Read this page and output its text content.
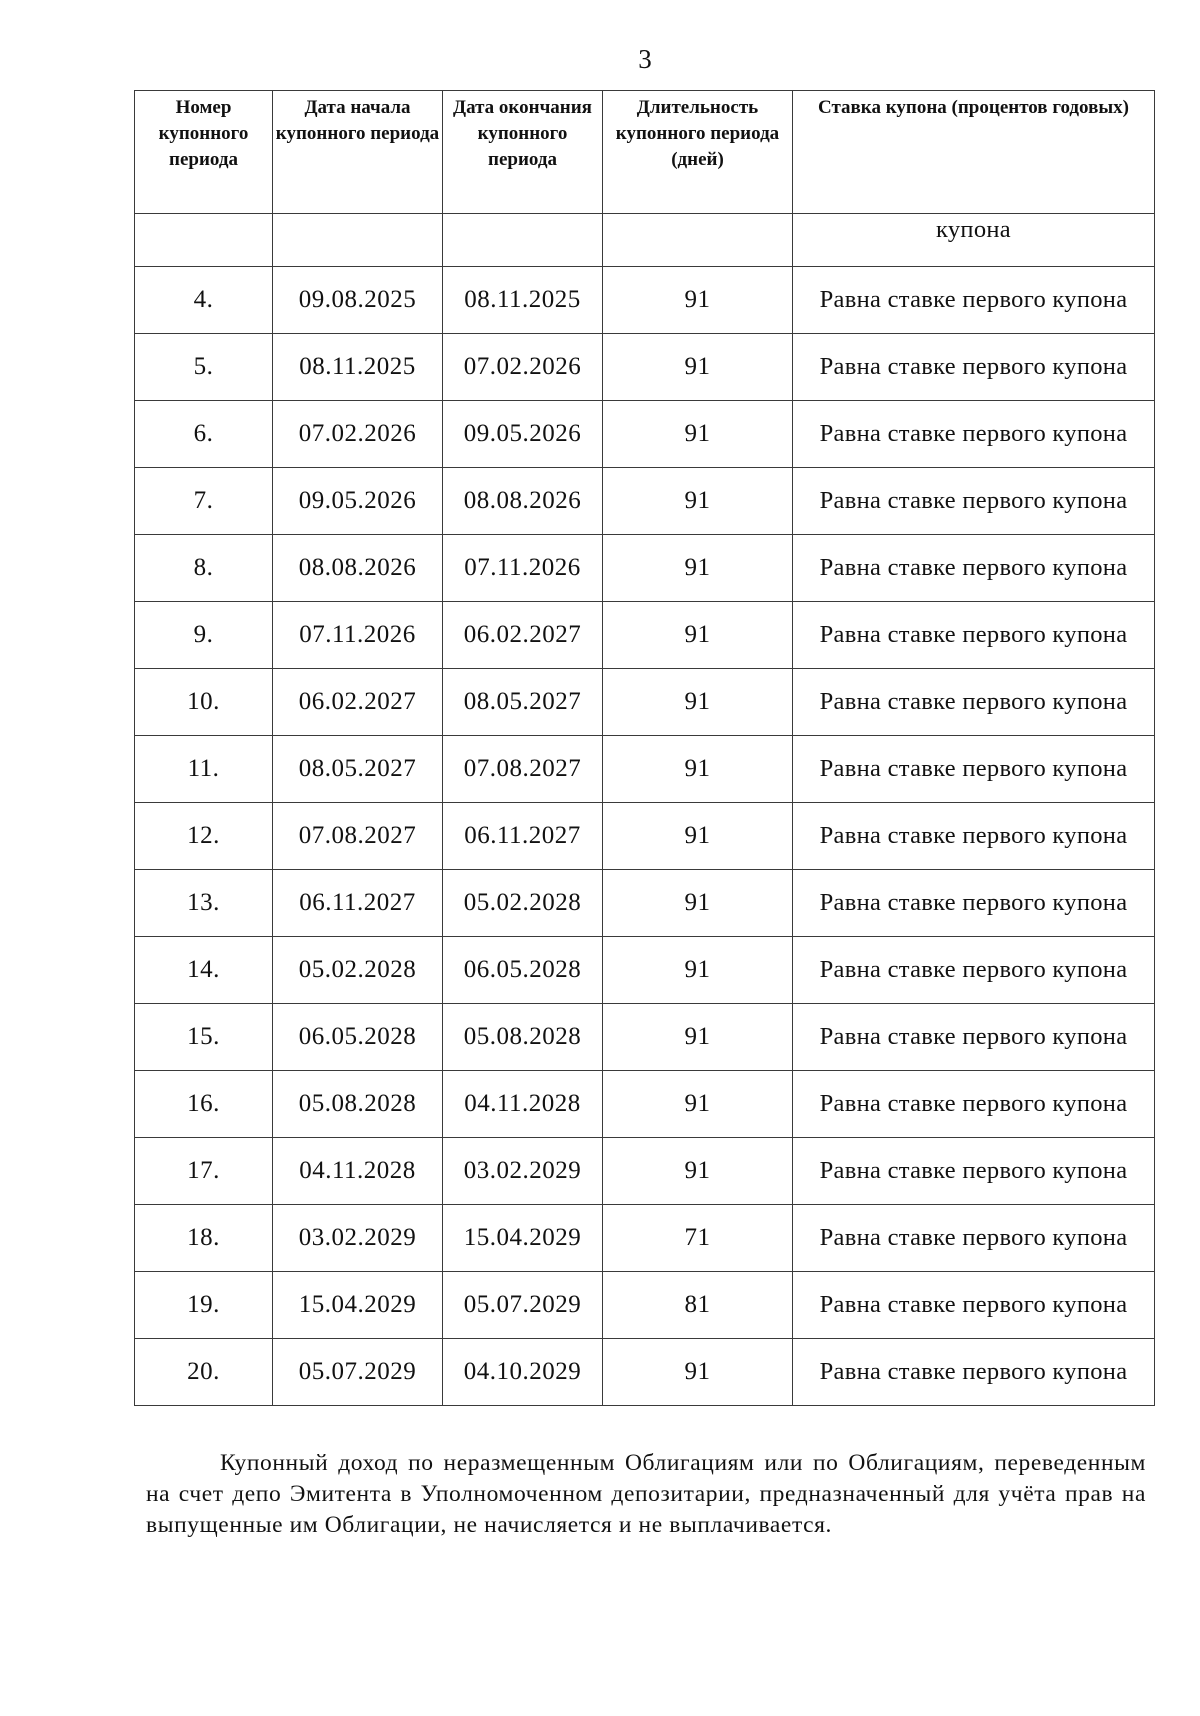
3
Номер купонного периода	Дата начала купонного периода	Дата окончания купонного периода	Длительность купонного периода (дней)	Ставка купона (процентов годовых)
				купона
4.	09.08.2025	08.11.2025	91	Равна ставке первого купона
5.	08.11.2025	07.02.2026	91	Равна ставке первого купона
6.	07.02.2026	09.05.2026	91	Равна ставке первого купона
7.	09.05.2026	08.08.2026	91	Равна ставке первого купона
8.	08.08.2026	07.11.2026	91	Равна ставке первого купона
9.	07.11.2026	06.02.2027	91	Равна ставке первого купона
10.	06.02.2027	08.05.2027	91	Равна ставке первого купона
11.	08.05.2027	07.08.2027	91	Равна ставке первого купона
12.	07.08.2027	06.11.2027	91	Равна ставке первого купона
13.	06.11.2027	05.02.2028	91	Равна ставке первого купона
14.	05.02.2028	06.05.2028	91	Равна ставке первого купона
15.	06.05.2028	05.08.2028	91	Равна ставке первого купона
16.	05.08.2028	04.11.2028	91	Равна ставке первого купона
17.	04.11.2028	03.02.2029	91	Равна ставке первого купона
18.	03.02.2029	15.04.2029	71	Равна ставке первого купона
19.	15.04.2029	05.07.2029	81	Равна ставке первого купона
20.	05.07.2029	04.10.2029	91	Равна ставке первого купона

Купонный доход по неразмещенным Облигациям или по Облигациям, переведенным на счет депо Эмитента в Уполномоченном депозитарии, предназначенный для учёта прав на выпущенные им Облигации, не начисляется и не выплачивается.
